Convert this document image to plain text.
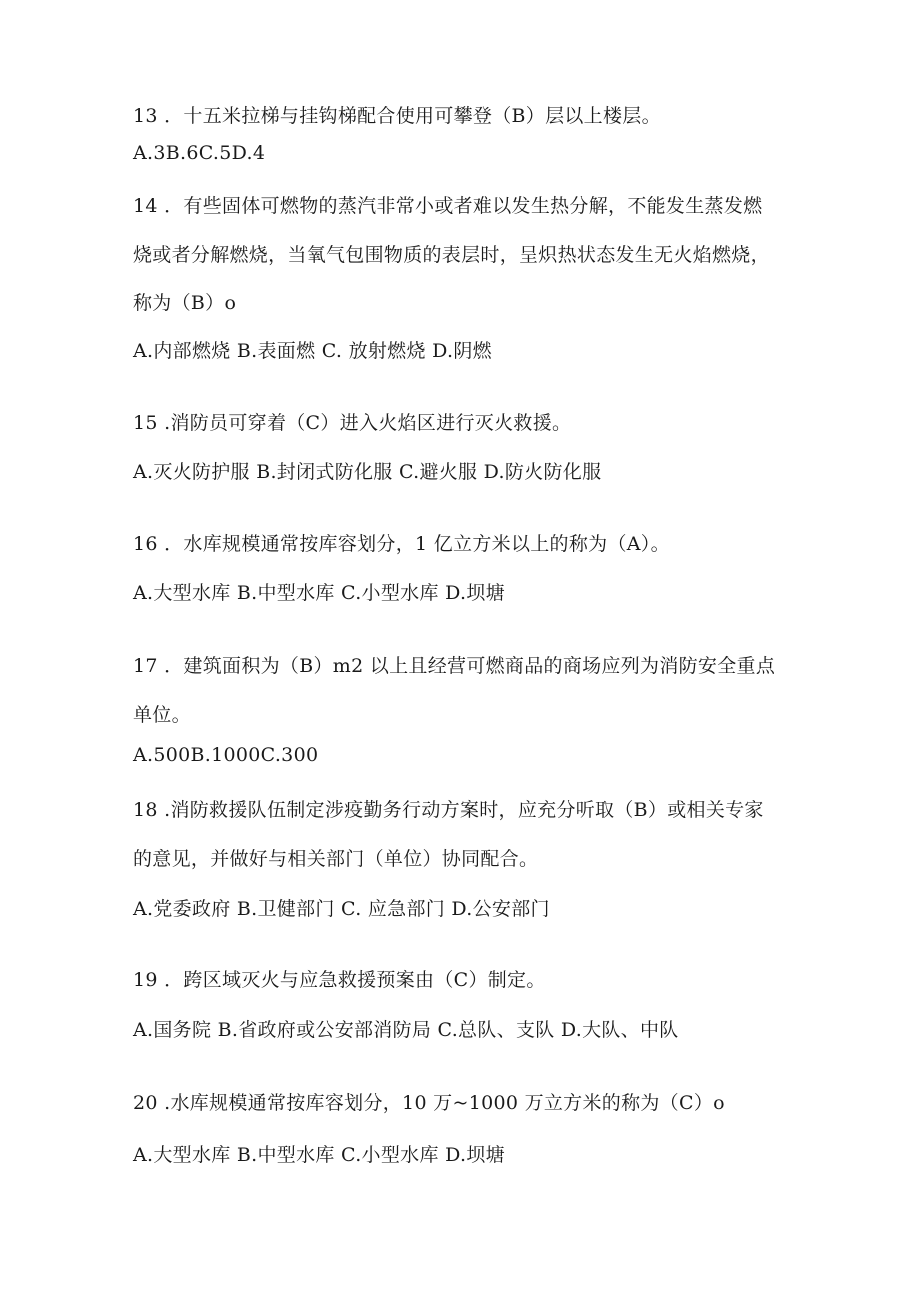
13 ．十五米拉梯与挂钩梯配合使用可攀登（B）层以上楼层。
A.3B.6C.5D.4
14 ．有些固体可燃物的蒸汽非常小或者难以发生热分解，不能发生蒸发燃
烧或者分解燃烧，当氧气包围物质的表层时，呈炽热状态发生无火焰燃烧，
称为（B）o
A.内部燃烧 B.表面燃 C. 放射燃烧 D.阴燃
15 .消防员可穿着（C）进入火焰区进行灭火救援。
A.灭火防护服 B.封闭式防化服 C.避火服 D.防火防化服
16 ．水库规模通常按库容划分，1 亿立方米以上的称为（A）。
A.大型水库 B.中型水库 C.小型水库 D.坝塘
17 ．建筑面积为（B）m2 以上且经营可燃商品的商场应列为消防安全重点
单位。
A.500B.1000C.300
18 .消防救援队伍制定涉疫勤务行动方案时，应充分听取（B）或相关专家
的意见，并做好与相关部门（单位）协同配合。
A.党委政府 B.卫健部门 C. 应急部门 D.公安部门
19 ．跨区域灭火与应急救援预案由（C）制定。
A.国务院 B.省政府或公安部消防局 C.总队、支队 D.大队、中队
20 .水库规模通常按库容划分，10 万~1000 万立方米的称为（C）o
A.大型水库 B.中型水库 C.小型水库 D.坝塘
